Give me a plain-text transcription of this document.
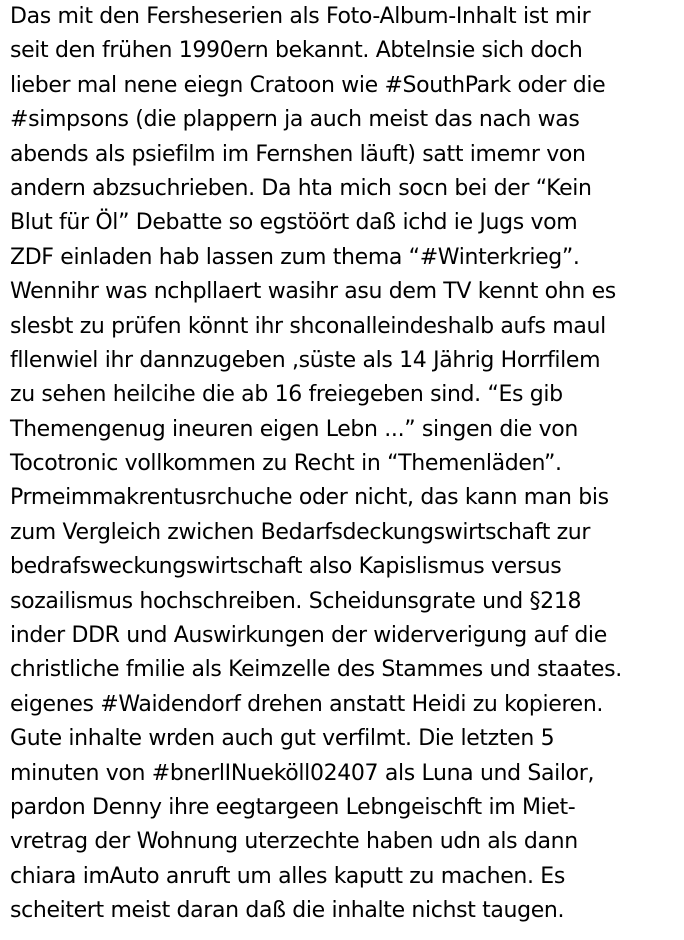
Das mit den Fersheserien als Foto-Album-Inhalt ist mir
seit den frühen 1990ern bekannt. Abtelnsie sich doch
lieber mal nene eiegn Cratoon wie #SouthPark oder die
#simpsons (die plappern ja auch meist das nach was
abends als psiefilm im Fernshen läuft) satt imemr von
andern abzsuchrieben. Da hta mich socn bei der “Kein
Blut für Öl” Debatte so egstöört daß ichd ie Jugs vom
ZDF einladen hab lassen zum thema “#Winterkrieg”.
Wennihr was nchpllaert wasihr asu dem TV kennt ohn es
slesbt zu prüfen könnt ihr shconalleindeshalb aufs maul
fllenwiel ihr dannzugeben ,süste als 14 Jährig Horrfilem
zu sehen heilcihe die ab 16 freiegeben sind. “Es gib
Themengenug ineuren eigen Lebn ...” singen die von
Tocotronic vollkommen zu Recht in “Themenläden”.
Prmeimmakrentusrchuche oder nicht, das kann man bis
zum Vergleich zwichen Bedarfsdeckungswirtschaft zur
bedrafsweckungswirtschaft also Kapislismus versus
sozailismus hochschreiben. Scheidunsgrate und §218
inder DDR und Auswirkungen der widerverigung auf die
christliche fmilie als Keimzelle des Stammes und staates.
eigenes #Waidendorf drehen anstatt Heidi zu kopieren.
Gute inhalte wrden auch gut verfilmt. Die letzten 5
minuten von #bnerlINueköll02407 als Luna und Sailor,
pardon Denny ihre eegtargeen Lebngeischft im Miet-
vretrag der Wohnung uterzechte haben udn als dann
chiara imAuto anruft um alles kaputt zu machen. Es
scheitert meist daran daß die inhalte nichst taugen.
